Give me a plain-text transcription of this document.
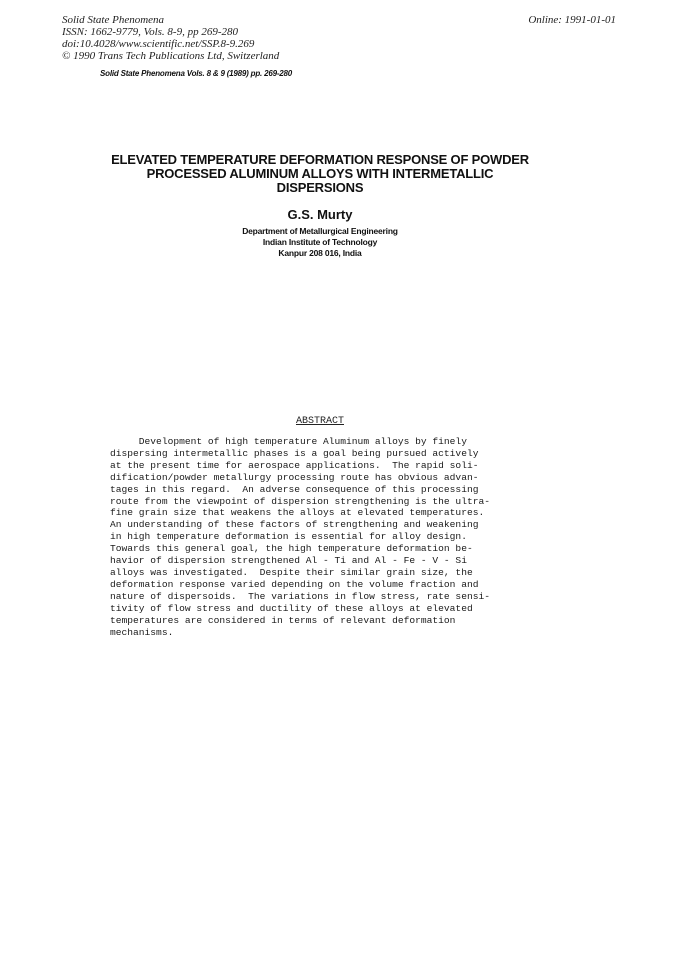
Solid State Phenomena
ISSN: 1662-9779, Vols. 8-9, pp 269-280
doi:10.4028/www.scientific.net/SSP.8-9.269
© 1990 Trans Tech Publications Ltd, Switzerland
Online: 1991-01-01
Solid State Phenomena Vols. 8 & 9 (1989) pp. 269-280
ELEVATED TEMPERATURE DEFORMATION RESPONSE OF POWDER
PROCESSED ALUMINUM ALLOYS WITH INTERMETALLIC
DISPERSIONS
G.S. Murty
Department of Metallurgical Engineering
Indian Institute of Technology
Kanpur 208 016, India
ABSTRACT
Development of high temperature Aluminum alloys by finely
dispersing intermetallic phases is a goal being pursued actively
at the present time for aerospace applications.  The rapid soli-
dification/powder metallurgy processing route has obvious advan-
tages in this regard.  An adverse consequence of this processing
route from the viewpoint of dispersion strengthening is the ultra-
fine grain size that weakens the alloys at elevated temperatures.
An understanding of these factors of strengthening and weakening
in high temperature deformation is essential for alloy design.
Towards this general goal, the high temperature deformation be-
havior of dispersion strengthened Al - Ti and Al - Fe - V - Si
alloys was investigated.  Despite their similar grain size, the
deformation response varied depending on the volume fraction and
nature of dispersoids.  The variations in flow stress, rate sensi-
tivity of flow stress and ductility of these alloys at elevated
temperatures are considered in terms of relevant deformation
mechanisms.
